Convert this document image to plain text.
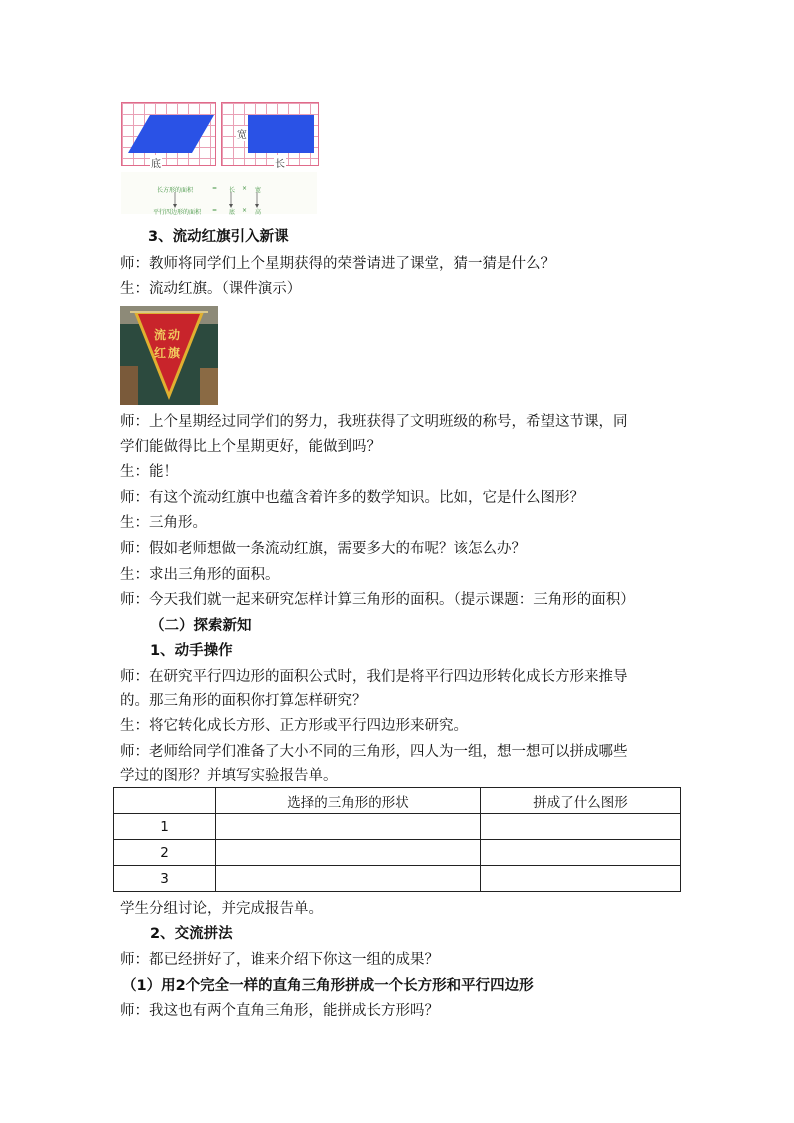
底
宽
长
长方形的面积	= 长 × 宽
平行四边形的面积 = 底 × 高
3、流动红旗引入新课
师：教师将同学们上个星期获得的荣誉请进了课堂，猜一猜是什么？
生：流动红旗。（课件演示）
流动
红旗
师：上个星期经过同学们的努力，我班获得了文明班级的称号，希望这节课，同
学们能做得比上个星期更好，能做到吗？
生：能！
师：有这个流动红旗中也蕴含着许多的数学知识。比如，它是什么图形？
生：三角形。
师：假如老师想做一条流动红旗，需要多大的布呢？该怎么办？
生：求出三角形的面积。
师：今天我们就一起来研究怎样计算三角形的面积。（提示课题：三角形的面积）
（二）探索新知
1、动手操作
师：在研究平行四边形的面积公式时，我们是将平行四边形转化成长方形来推导
的。那三角形的面积你打算怎样研究？
生：将它转化成长方形、正方形或平行四边形来研究。
师：老师给同学们准备了大小不同的三角形，四人为一组，想一想可以拼成哪些
学过的图形？并填写实验报告单。
	选择的三角形的形状	拼成了什么图形
1		
2		
3		
学生分组讨论，并完成报告单。
2、交流拼法
师：都已经拼好了，谁来介绍下你这一组的成果？
（1）用2个完全一样的直角三角形拼成一个长方形和平行四边形
师：我这也有两个直角三角形，能拼成长方形吗？
